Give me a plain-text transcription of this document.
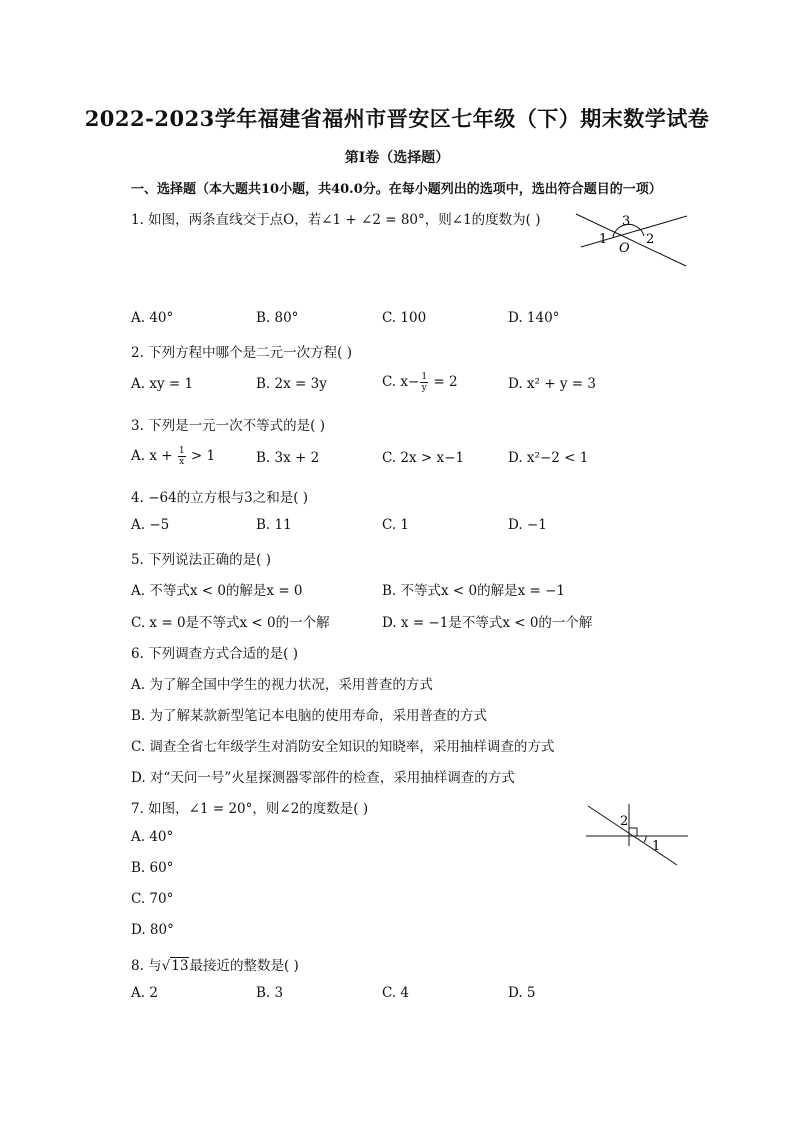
2022-2023学年福建省福州市晋安区七年级（下）期末数学试卷
第I卷（选择题）
一、选择题（本大题共10小题，共40.0分。在每小题列出的选项中，选出符合题目的一项）
1. 如图，两条直线交于点O，若∠1 + ∠2 = 80°，则∠1的度数为( )	3
1	2
O
A. 40°	B. 80°	C. 100	D. 140°
2. 下列方程中哪个是二元一次方程( )
A. xy = 1	B. 2x = 3y	C. $x- \frac{1}{y} = 2$	D. x² + y = 3
3. 下列是一元一次不等式的是( )
A. $x + \frac{1}{x} > 1$	B. 3x + 2	C. 2x > x−1	D. x²−2 < 1
4. −64的立方根与3之和是( )
A. −5	B. 11	C. 1	D. −1
5. 下列说法正确的是( )
A. 不等式x < 0的解是x = 0	B. 不等式x < 0的解是x = −1
C. x = 0是不等式x < 0的一个解	D. x = −1是不等式x < 0的一个解
6. 下列调查方式合适的是( )
A. 为了解全国中学生的视力状况，采用普查的方式
B. 为了解某款新型笔记本电脑的使用寿命，采用普查的方式
C. 调查全省七年级学生对消防安全知识的知晓率，采用抽样调查的方式
D. 对“天问一号”火星探测器零部件的检查，采用抽样调查的方式
7. 如图，∠1 = 20°，则∠2的度数是( )
2
1
A. 40°
B. 60°
C. 70°
D. 80°
8. 与√13最接近的整数是( )
A. 2	B. 3	C. 4	D. 5
